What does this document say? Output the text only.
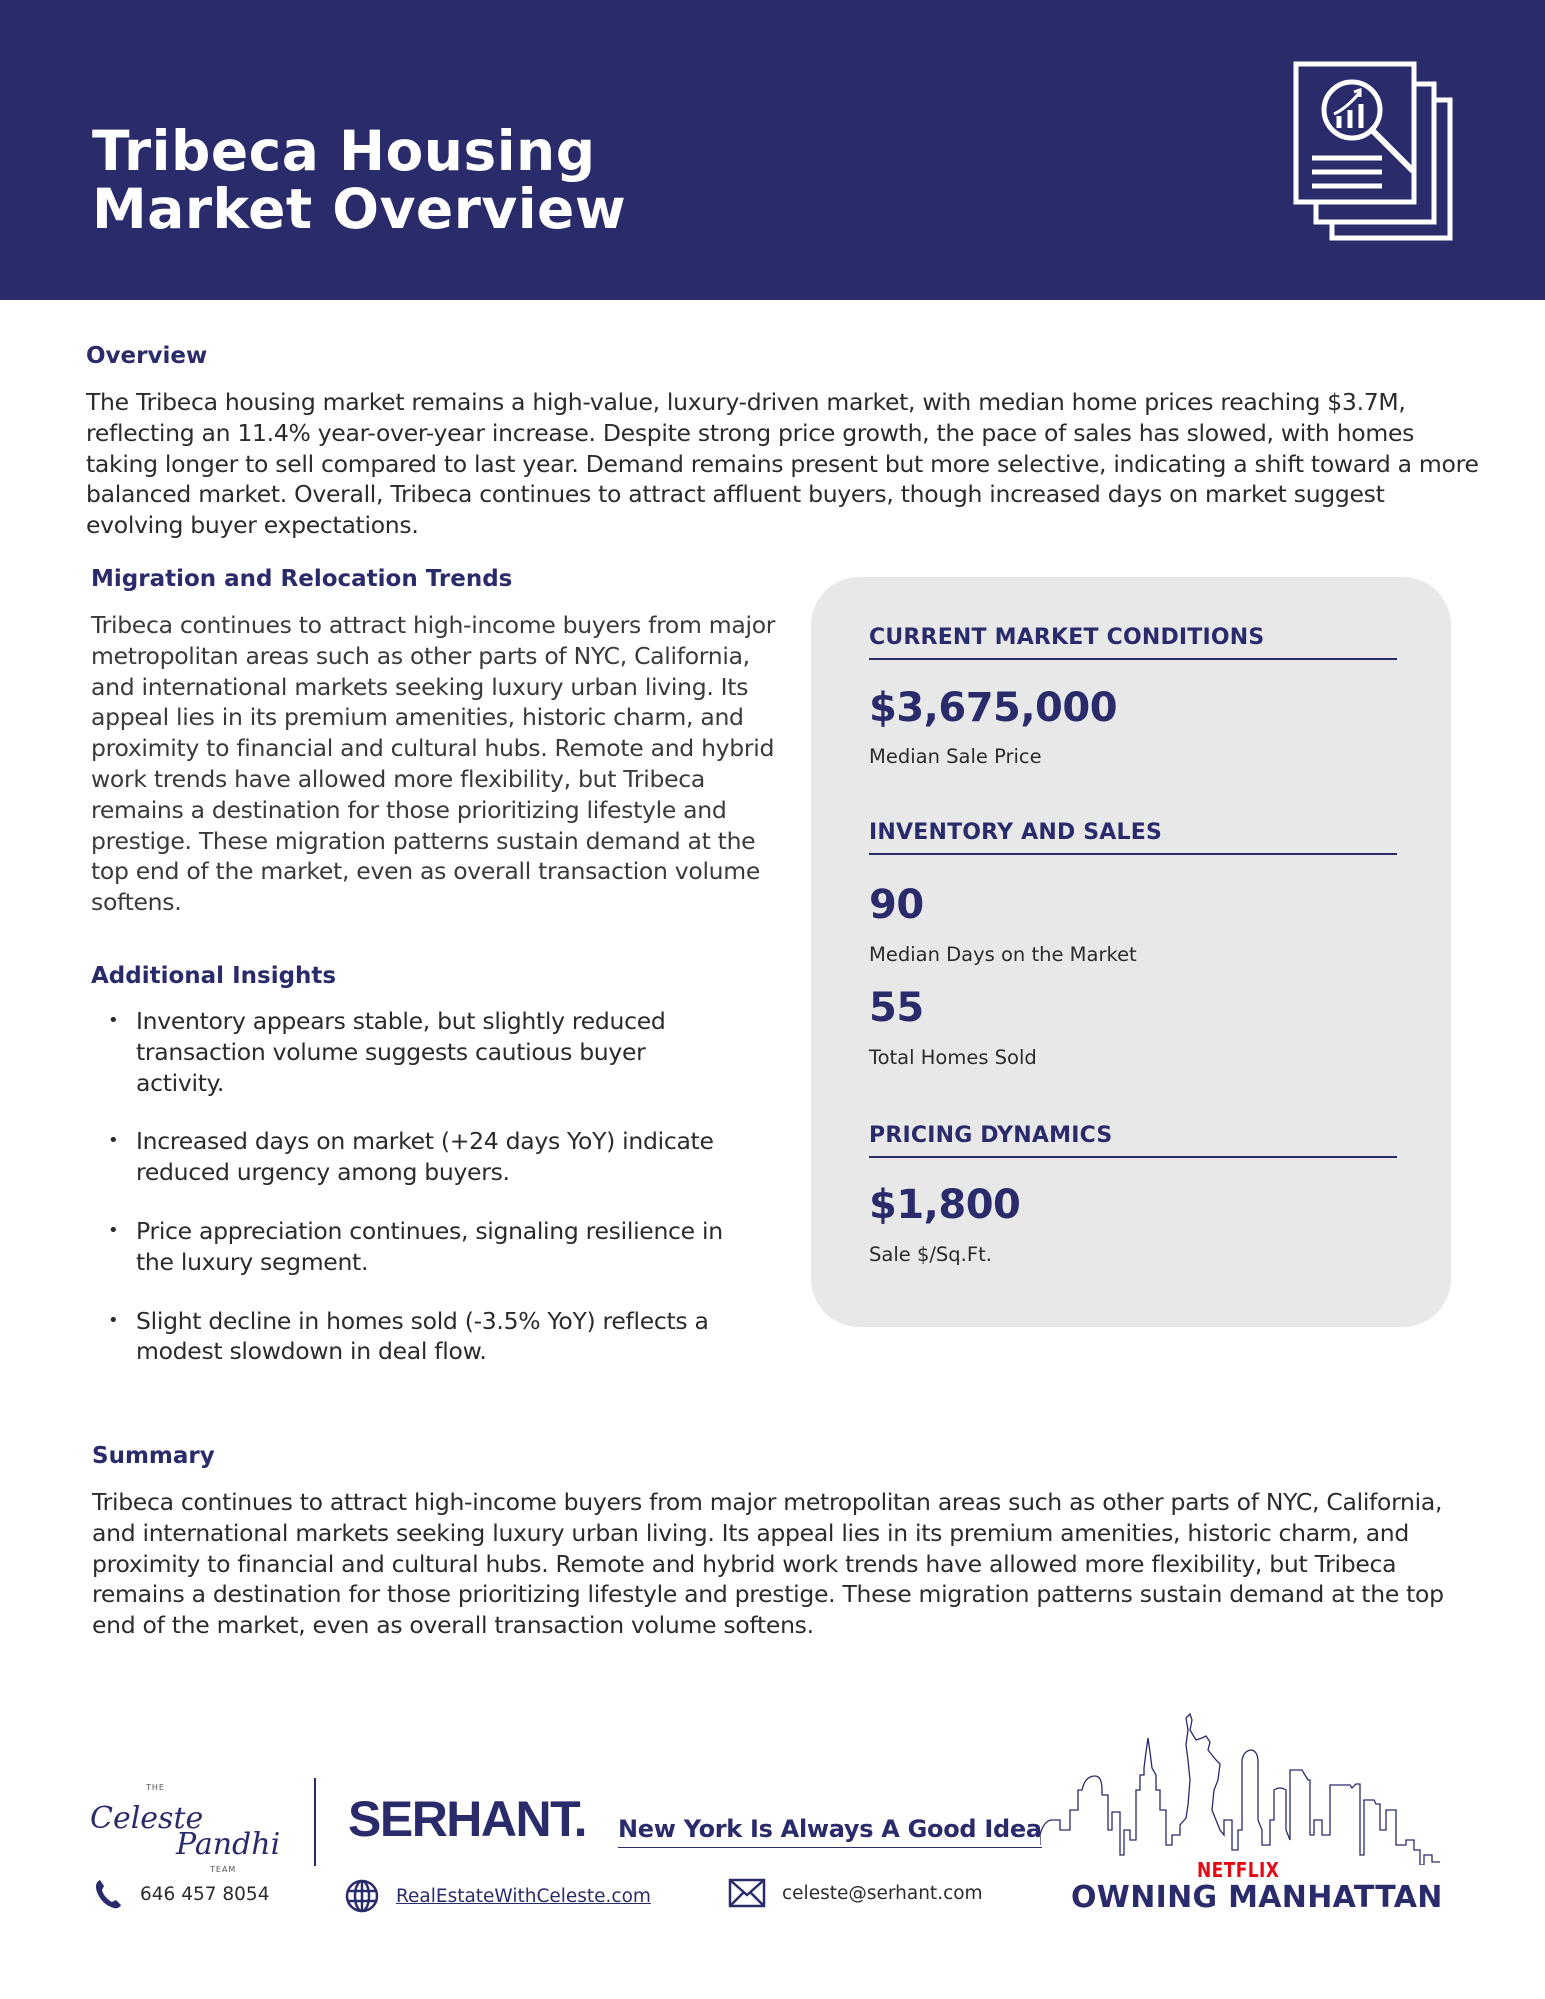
Tribeca Housing
Market Overview
Overview

The Tribeca housing market remains a high-value, luxury-driven market, with median home prices reaching $3.7M, reflecting an 11.4% year-over-year increase. Despite strong price growth, the pace of sales has slowed, with homes taking longer to sell compared to last year. Demand remains present but more selective, indicating a shift toward a more balanced market. Overall, Tribeca continues to attract affluent buyers, though increased days on market suggest evolving buyer expectations.

Migration and Relocation Trends

Tribeca continues to attract high-income buyers from major metropolitan areas such as other parts of NYC, California, and international markets seeking luxury urban living. Its appeal lies in its premium amenities, historic charm, and proximity to financial and cultural hubs. Remote and hybrid work trends have allowed more flexibility, but Tribeca remains a destination for those prioritizing lifestyle and prestige. These migration patterns sustain demand at the top end of the market, even as overall transaction volume softens.

Additional Insights
• Inventory appears stable, but slightly reduced transaction volume suggests cautious buyer activity.
• Increased days on market (+24 days YoY) indicate reduced urgency among buyers.
• Price appreciation continues, signaling resilience in the luxury segment.
• Slight decline in homes sold (-3.5% YoY) reflects a modest slowdown in deal flow.
CURRENT MARKET CONDITIONS
$3,675,000
Median Sale Price
INVENTORY AND SALES
90
Median Days on the Market
55
Total Homes Sold
PRICING DYNAMICS
$1,800
Sale $/Sq.Ft.
Summary

Tribeca continues to attract high-income buyers from major metropolitan areas such as other parts of NYC, California, and international markets seeking luxury urban living. Its appeal lies in its premium amenities, historic charm, and proximity to financial and cultural hubs. Remote and hybrid work trends have allowed more flexibility, but Tribeca remains a destination for those prioritizing lifestyle and prestige. These migration patterns sustain demand at the top end of the market, even as overall transaction volume softens.

THE
Celeste
Pandhi
TEAM
SERHANT. New York Is Always A Good Idea
646 457 8054	RealEstateWithCeleste.com	celeste@serhant.com
NETFLIX
OWNING MANHATTAN
